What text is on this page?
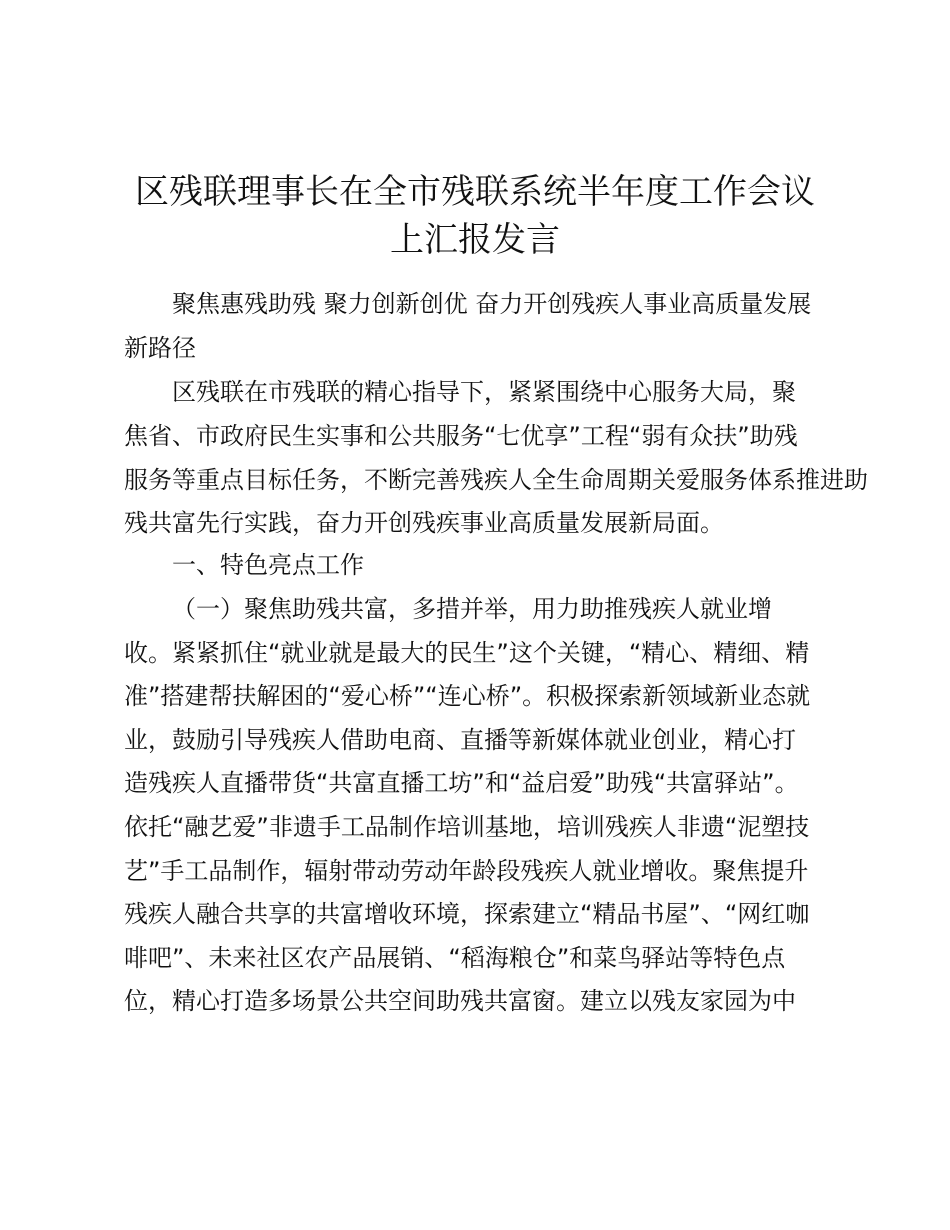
区残联理事长在全市残联系统半年度工作会议
上汇报发言
聚焦惠残助残 聚力创新创优 奋力开创残疾人事业高质量发展
新路径
区残联在市残联的精心指导下，紧紧围绕中心服务大局，聚
焦省、市政府民生实事和公共服务“七优享”工程“弱有众扶”助残
服务等重点目标任务，不断完善残疾人全生命周期关爱服务体系推进助
残共富先行实践，奋力开创残疾事业高质量发展新局面。
一、特色亮点工作
（一）聚焦助残共富，多措并举，用力助推残疾人就业增
收。紧紧抓住“就业就是最大的民生”这个关键，“精心、精细、精
准”搭建帮扶解困的“爱心桥”“连心桥”。积极探索新领域新业态就
业，鼓励引导残疾人借助电商、直播等新媒体就业创业，精心打
造残疾人直播带货“共富直播工坊”和“益启爱”助残“共富驿站”。
依托“融艺爱”非遗手工品制作培训基地，培训残疾人非遗“泥塑技
艺”手工品制作，辐射带动劳动年龄段残疾人就业增收。聚焦提升
残疾人融合共享的共富增收环境，探索建立“精品书屋”、“网红咖
啡吧”、未来社区农产品展销、“稻海粮仓”和菜鸟驿站等特色点
位，精心打造多场景公共空间助残共富窗。建立以残友家园为中
